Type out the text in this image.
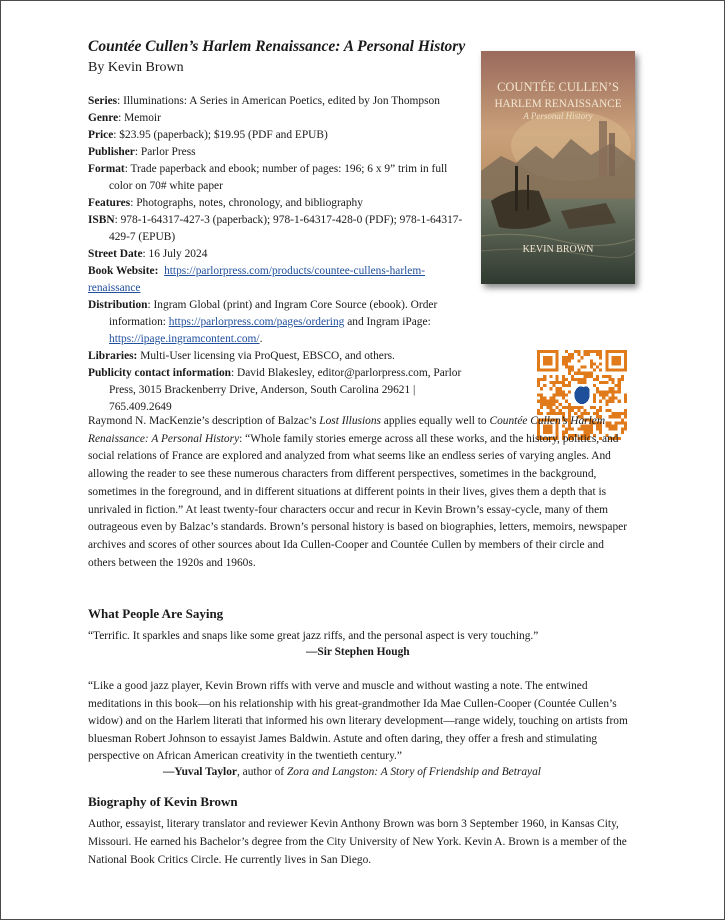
Countée Cullen’s Harlem Renaissance: A Personal History
By Kevin Brown
Series: Illuminations: A Series in American Poetics, edited by Jon Thompson
Genre: Memoir
Price: $23.95 (paperback); $19.95 (PDF and EPUB)
Publisher: Parlor Press
Format: Trade paperback and ebook; number of pages: 196; 6 x 9” trim in full color on 70# white paper
Features: Photographs, notes, chronology, and bibliography
ISBN: 978-1-64317-427-3 (paperback); 978-1-64317-428-0 (PDF); 978-1-64317-429-7 (EPUB)
Street Date: 16 July 2024
Book Website: https://parlorpress.com/products/countee-cullens-harlem-renaissance
Distribution: Ingram Global (print) and Ingram Core Source (ebook). Order information: https://parlorpress.com/pages/ordering and Ingram iPage: https://ipage.ingramcontent.com/.
Libraries: Multi-User licensing via ProQuest, EBSCO, and others.
Publicity contact information: David Blakesley, editor@parlorpress.com, Parlor Press, 3015 Brackenberry Drive, Anderson, South Carolina 29621 | 765.409.2649
COUNTÉE CULLEN’S
HARLEM RENAISSANCE
A Personal History
KEVIN BROWN
Raymond N. MacKenzie’s description of Balzac’s Lost Illusions applies equally well to Countée Cullen’s Harlem Renaissance: A Personal History: “Whole family stories emerge across all these works, and the history, politics, and social relations of France are explored and analyzed from what seems like an endless series of varying angles. And allowing the reader to see these numerous characters from different perspectives, sometimes in the background, sometimes in the foreground, and in different situations at different points in their lives, gives them a depth that is unrivaled in fiction.” At least twenty-four characters occur and recur in Kevin Brown’s essay-cycle, many of them outrageous even by Balzac’s standards. Brown’s personal history is based on biographies, letters, memoirs, newspaper archives and scores of other sources about Ida Cullen-Cooper and Countée Cullen by members of their circle and others between the 1920s and 1960s.
What People Are Saying
“Terrific. It sparkles and snaps like some great jazz riffs, and the personal aspect is very touching.”
—Sir Stephen Hough
“Like a good jazz player, Kevin Brown riffs with verve and muscle and without wasting a note. The entwined meditations in this book—on his relationship with his great-grandmother Ida Mae Cullen-Cooper (Countée Cullen’s widow) and on the Harlem literati that informed his own literary development—range widely, touching on artists from bluesman Robert Johnson to essayist James Baldwin. Astute and often daring, they offer a fresh and stimulating perspective on African American creativity in the twentieth century.”
—Yuval Taylor, author of Zora and Langston: A Story of Friendship and Betrayal
Biography of Kevin Brown
Author, essayist, literary translator and reviewer Kevin Anthony Brown was born 3 September 1960, in Kansas City, Missouri. He earned his Bachelor’s degree from the City University of New York. Kevin A. Brown is a member of the National Book Critics Circle. He currently lives in San Diego.
